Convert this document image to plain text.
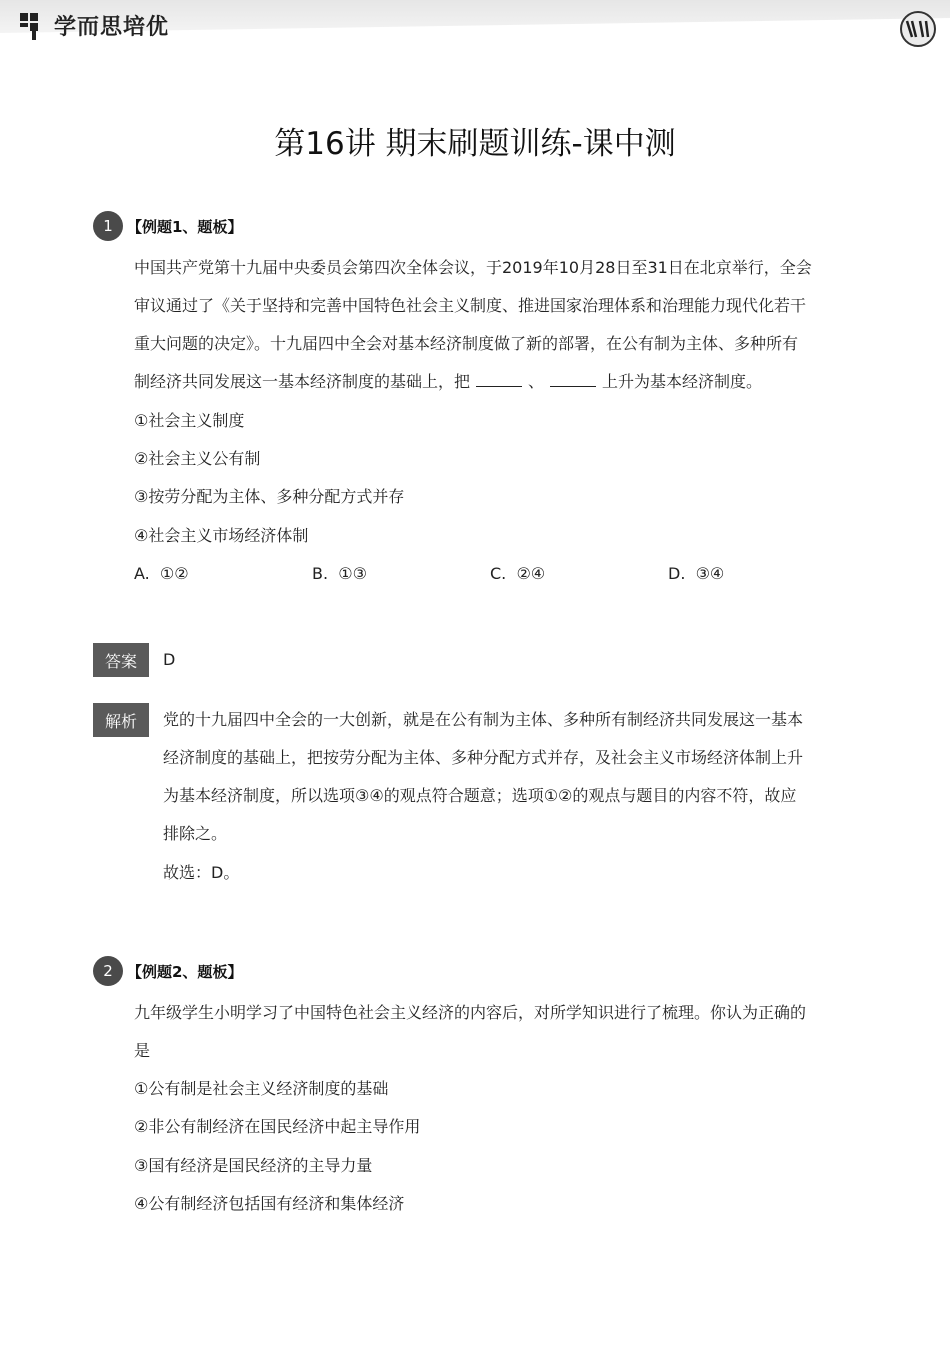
学而思培优
第16讲 期末刷题训练-课中测
1 【例题1、题板】
中国共产党第十九届中央委员会第四次全体会议，于2019年10月28日至31日在北京举行，全会
审议通过了《关于坚持和完善中国特色社会主义制度、推进国家治理体系和治理能力现代化若干
重大问题的决定》。十九届四中全会对基本经济制度做了新的部署，在公有制为主体、多种所有
制经济共同发展这一基本经济制度的基础上，把	、	上升为基本经济制度。
①社会主义制度
②社会主义公有制
③按劳分配为主体、多种分配方式并存
④社会主义市场经济体制
A. ①②	B. ①③	C. ②④	D. ③④
答案	D
解析	党的十九届四中全会的一大创新，就是在公有制为主体、多种所有制经济共同发展这一基本
经济制度的基础上，把按劳分配为主体、多种分配方式并存，及社会主义市场经济体制上升
为基本经济制度，所以选项③④的观点符合题意；选项①②的观点与题目的内容不符，故应
排除之。
故选：D。
2 【例题2、题板】
九年级学生小明学习了中国特色社会主义经济的内容后，对所学知识进行了梳理。你认为正确的
是
①公有制是社会主义经济制度的基础
②非公有制经济在国民经济中起主导作用
③国有经济是国民经济的主导力量
④公有制经济包括国有经济和集体经济
